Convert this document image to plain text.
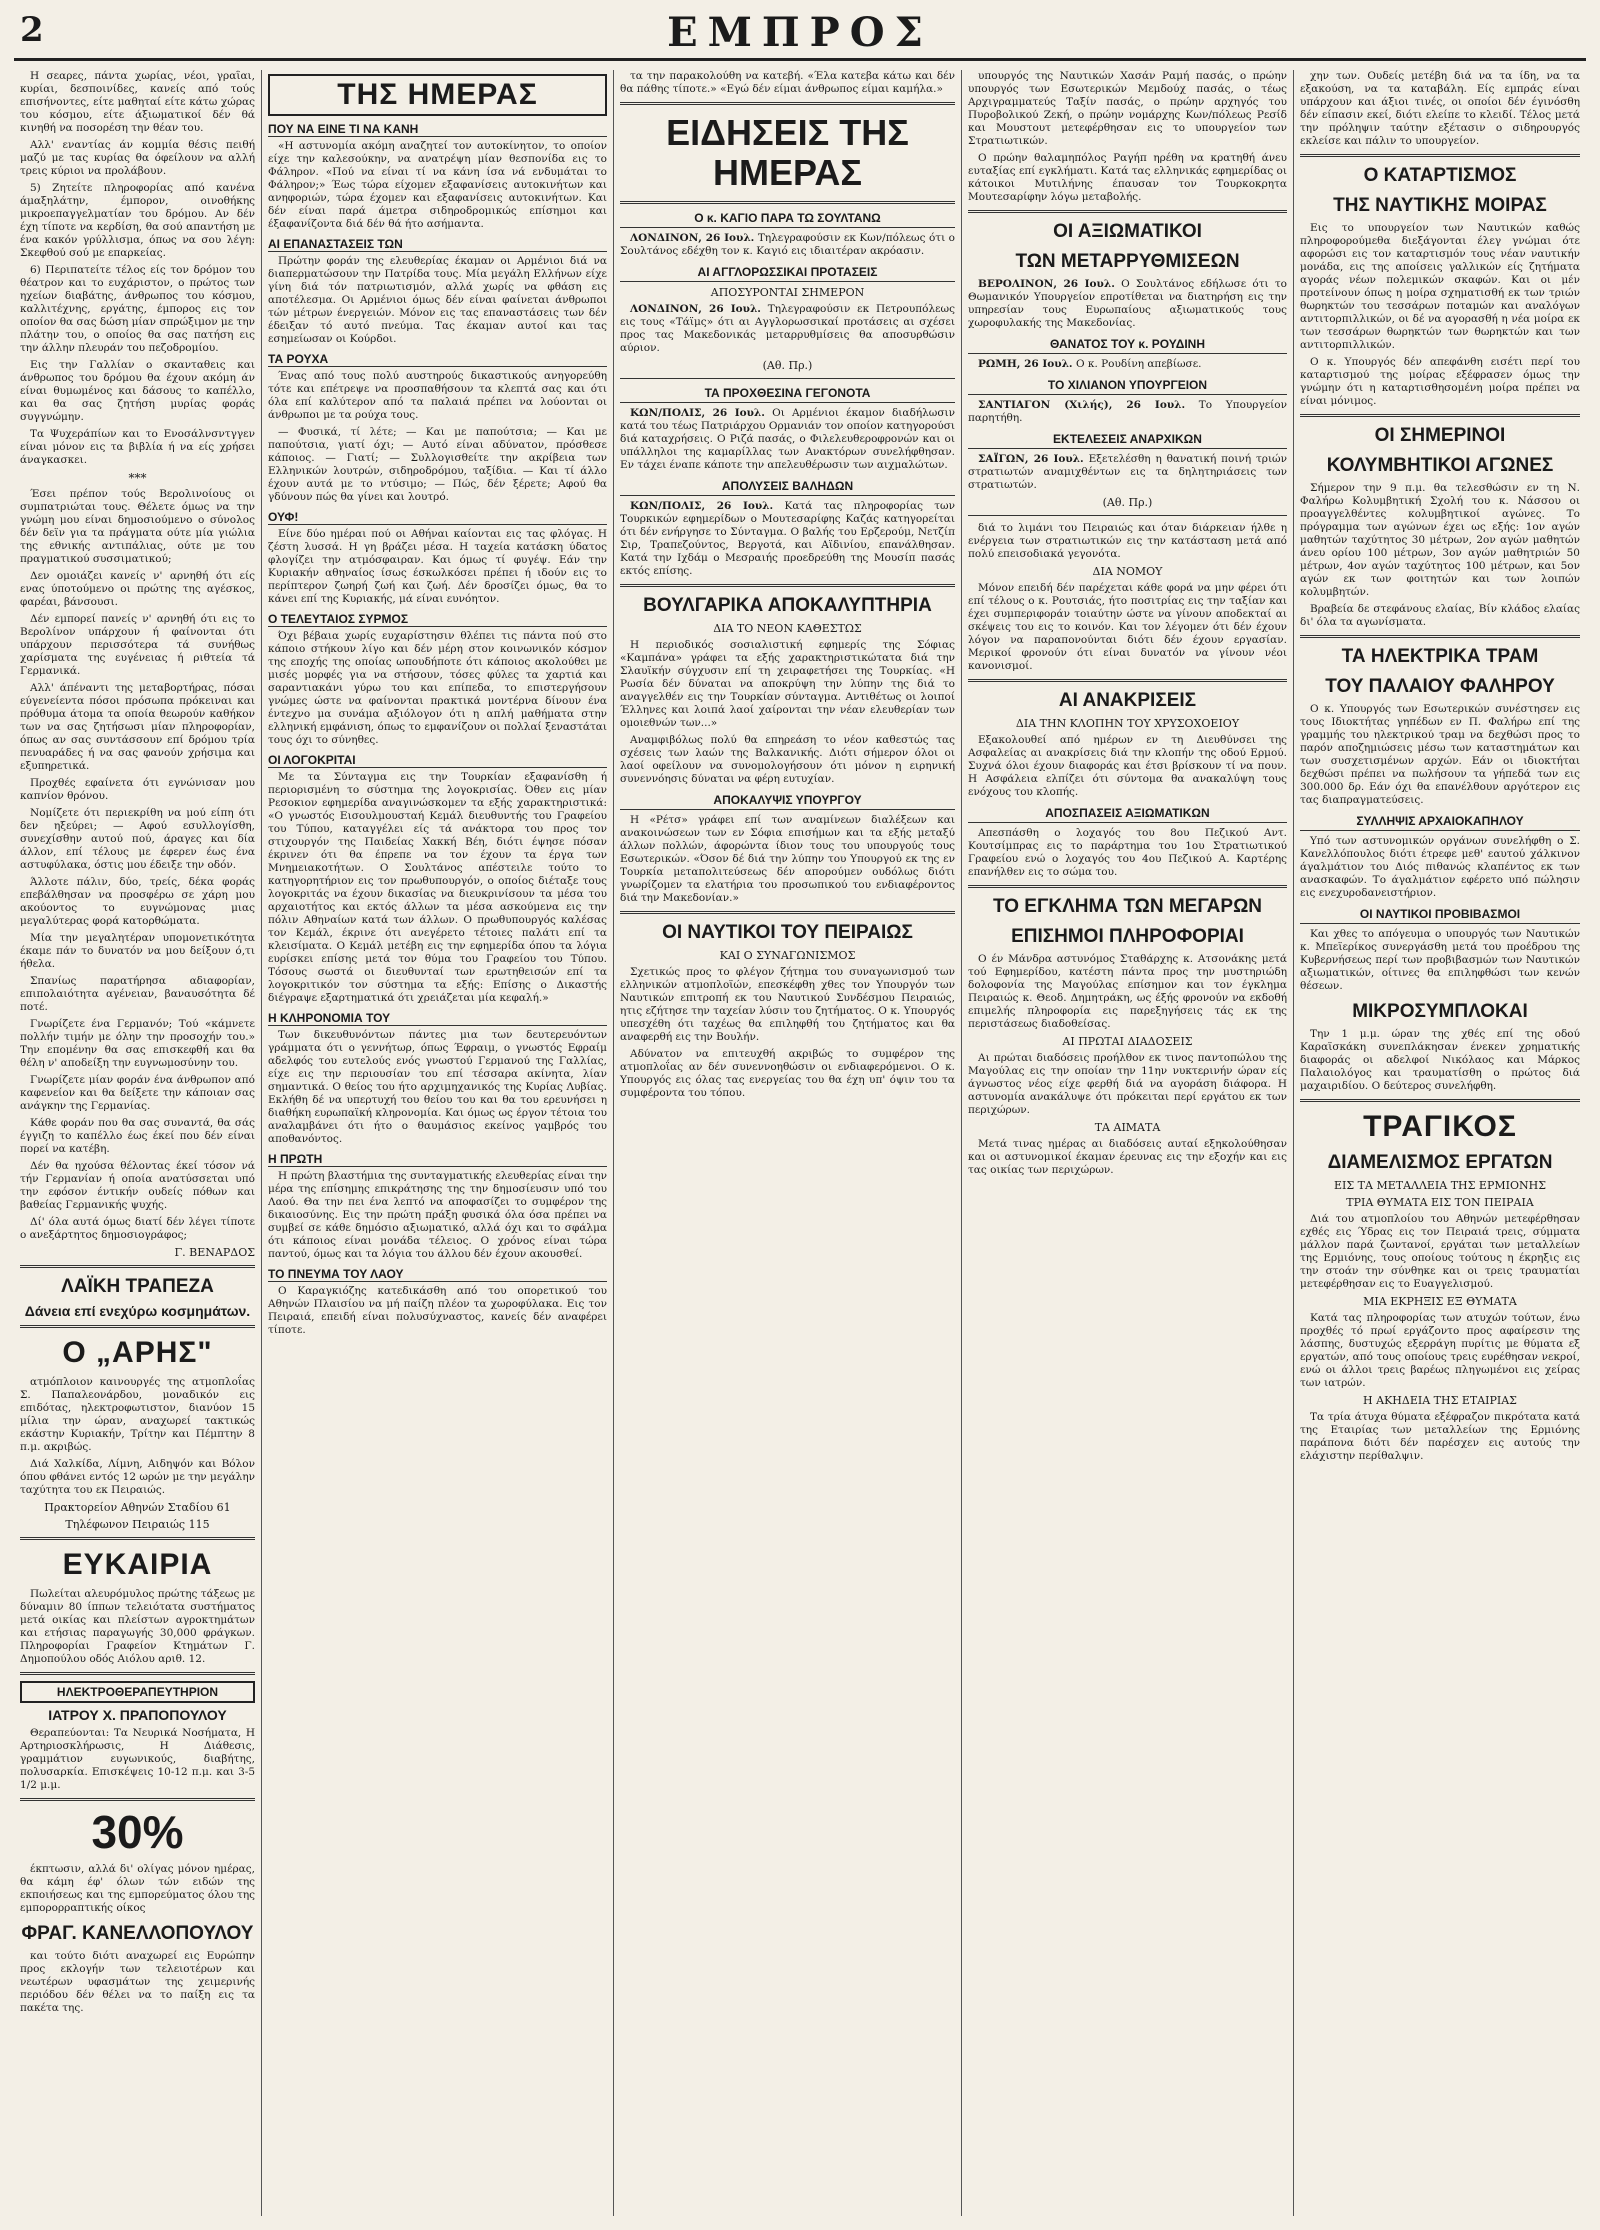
2	ΕΜΠΡΟΣ

Η σεαρες, πάντα χωρίας, νέοι, γραΐαι, κυρίαι, δεσποινίδες, κανείς από τούς επισήνοντες, είτε μαθηταί είτε κάτω χώρας του κόσμου, είτε άξιωματικοί δέν θά κινηθή να ποσορέση την θέαν του.

Αλλ' εναντίας άν κομμία θέσις πειθή μαζύ με τας κυρίας θα όφείλουν να αλλή τρεις κύριοι να προλάβουν.

5) Ζητείτε πληροφορίας από κανένα άμαξηλάτην, έμπορον, οινοθήκης μικροεπαγγελματίαν του δρόμου. Αν δέν έχη τίποτε να κερδίση, θα σού απαντήση με ένα κακόν γρύλλισμα, όπως να σου λέγη: Σκεφθού σού με επαρκείας.

6) Περιπατείτε τέλος είς τον δρόμον του θέατρον και το ευχάριστον, ο πρώτος των ηχείων διαβάτης, άνθρωπος του κόσμου, καλλιτέχνης, εργάτης, έμπορος εις τον οποίον θα σας δώση μίαν σπρώξιμον με την πλάτην του, ο οποίος θα σας πατήση εις την άλλην πλευράν του πεζοδρομίου.

Εις την Γαλλίαν ο σκανταθεις και άνθρωπος του δρόμου θα έχουν ακόμη άν είναι θυμωμένος και δάσους το καπέλλο, και θα σας ζητήση μυρίας φοράς συγγνώμην.

Τα Ψυχεράπίων και το Ενοσάλνσντγγεν είναι μόνον εις τα βιβλία ή να είς χρήσει άναγκασκει.

***

Έσει πρέπον τούς Βερολινοίους οι συμπατριώται τους. Θέλετε όμως να την γνώμη μου είναι δημοσιούμενο ο σύνολος δέν δεϊν για τα πράγματα ούτε μία γιώλια της εθνικής αντιπάλιας, ούτε με του πραγματικού συσσιματικού;

Δεν ομοιάζει κανείς ν' αρνηθή ότι είς ενας ύποτούμενο οι πρώτης της αγέσκος, φαρέαι, βάνσουσι.

Δέν εμπορεί πανείς ν' αρνηθή ότι εις το Βερολίνον υπάρχουν ή φαίνονται ότι υπάρχουν περισσότερα τά συνήθως χαρίσματα της ευγένειας ή ριθτεία τά Γερμανικά.

Αλλ' άπέναντι της μεταβορτήρας, πόσαι εύγενείεντα πόσοι πρόσωπα πρόκειναι και πρόθυμα άτομα τα οποία θεωρούν καθήκον των να σας ζητήσωσι μίαν πληροφορίαν, όπως αν σας συντάσσουν επί δρόμου τρία πενυαράδες ή να σας φανούν χρήσιμα και εξυπηρετικά.

Προχθές εφαίνετα ότι εγνώνισαν μου καπνίον θρόνου.

Νομίζετε ότι περιεκρίθη να μού είπη ότι δεν ηξεύρει; — Αφού εσυλλογίσθη, συνεχίσθην αυτού πού, άραγες και δία άλλον, επί τέλους με έφερεν έως ένα αστυφύλακα, όστις μου έδειξε την οδόν.

Άλλοτε πάλιν, δύο, τρείς, δέκα φοράς επεβάλθησαν να προσφέρω σε χάρη μου ακούοντος το ευγνώμονας μιας μεγαλύτερας φορά κατορθώματα.

Μία την μεγαλητέραν υπομονετικότητα έκαμε πάν το δυνατόν να μου δείξουν ό,τι ήθελα.

Σπανίως παρατήρησα αδιαφορίαν, επιπολαιότητα αγένειαν, βαναυσότητα δέ ποτέ.

Γνωρίζετε ένα Γερμανόν; Τού «κάμνετε πολλήν τιμήν με όλην την προσοχήν του.» Την επομένην θα σας επισκεφθή και θα θέλη ν' αποδείξη την ευγνωμοσύνην του.

Γνωρίζετε μίαν φοράν ένα άνθρωπον από καφενείον και θα δείξετε την κάποιαν σας ανάγκην της Γερμανίας.

Κάθε φοράν που θα σας συναντά, θα σάς έγγιζη το καπέλλο έως έκεί που δέν είναι πορεί να κατέβη.

Δέν θα ηχούσα θέλοντας έκεί τόσον νά τήν Γερμανίαν ή οποία ανατύσσεται υπό την εφόσον έντικήν ουδείς πόθων και βαθείας Γερμανικής ψυχής.

Δί' όλα αυτά όμως διατί δέν λέγει τίποτε ο ανεξάρτητος δημοσιογράφος;

Γ. ΒΕΝΑΡΔΟΣ
ΛΑΪΚΗ ΤΡΑΠΕΖΑ
Δάνεια επί ενεχύρω κοσμημάτων.
Ο „ΑΡΗΣ"

ατμόπλοιον καινουργές της ατμοπλοΐας Σ. Παπαλεονάρδου, μοναδικόν εις επιδότας, ηλεκτροφωτιστον, διανύον 15 μίλια την ώραν, αναχωρεί τακτικώς εκάστην Κυριακήν, Τρίτην και Πέμπτην 8 π.μ. ακριβώς.

Διά Χαλκίδα, Λίμνη, Αιδηψόν και Βόλον όπου φθάνει εντός 12 ωρών με την μεγάλην ταχύτητα του εκ Πειραιώς.

Πρακτορείον Αθηνών Σταδίου 61
Τηλέφωνον Πειραιώς 115
ΕΥΚΑΙΡΙΑ

Πωλείται αλευρόμυλος πρώτης τάξεως με δύναμιν 80 ίππων τελειότατα συστήματος μετά οικίας και πλείστων αγροκτημάτων και ετήσιας παραγωγής 30,000 φράγκων. Πληροφορίαι Γραφείον Κτημάτων Γ. Δημοπούλου οδός Αιόλου αριθ. 12.

ΗΛΕΚΤΡΟΘΕΡΑΠΕΥΤΗΡΙΟΝ
ΙΑΤΡΟΥ Χ. ΠΡΑΠΟΠΟΥΛΟΥ

Θεραπεύονται: Τα Νευρικά Νοσήματα, Η Αρτηριοσκλήρωσις, Η Διάθεσις, γραμμάτιον ευγωνικούς, διαβήτης, πολυσαρκία. Επισκέψεις 10-12 π.μ. και 3-5 1/2 μ.μ.

30%

έκπτωσιν, αλλά δι' ολίγας μόνον ημέρας, θα κάμη έφ' όλων τών ειδών της εκποιήσεως και της εμπορεύματος όλου της εμπορορραπτικής οίκος

ΦΡΑΓ. ΚΑΝΕΛΛΟΠΟΥΛΟΥ

και τούτο διότι αναχωρεί εις Ευρώπην προς εκλογήν των τελειοτέρων και νεωτέρων υφασμάτων της χειμερινής περιόδου δέν θέλει να το παίξη εις τα πακέτα της.

ΤΗΣ ΗΜΕΡΑΣ
ΠΟΥ ΝΑ ΕΙΝΕ ΤΙ ΝΑ ΚΑΝΗ

«Η αστυνομία ακόμη αναζητεί τον αυτοκίνητον, το οποίον είχε την καλεσούκην, να ανατρέψη μίαν θεσπονίδα εις το Φάληρον. «Πού να είναι τί να κάνη ίσα νά ενδυμάται το Φάληρον;» Έως τώρα είχομεν εξαφανίσεις αυτοκινήτων και ανηφοριών, τώρα έχομεν και εξαφανίσεις αυτοκινήτων. Και δέν είναι παρά άμετρα σιδηροδρομικώς επίσημοι και έξαφανίζοντα διά δέν θά ήτο ασήμαντα.

ΑΙ ΕΠΑΝΑΣΤΑΣΕΙΣ ΤΩΝ

Πρώτην φοράν της ελευθερίας έκαμαν οι Αρμένιοι διά να διαπερματώσουν την Πατρίδα τους. Μία μεγάλη Ελλήνων είχε γίνη διά τόν πατριωτισμόν, αλλά χωρίς να φθάση εις αποτέλεσμα. Οι Αρμένιοι όμως δέν είναι φαίνεται άνθρωποι τών μέτρων ένεργειών. Μόνον εις τας επαναστάσεις των δέν έδειξαν τό αυτό πνεύμα. Τας έκαμαν αυτοί και τας εσημείωσαν οι Κούρδοι.

ΤΑ ΡΟΥΧΑ

Ένας από τους πολύ αυστηρούς δικαστικούς ανηγορεύθη τότε και επέτρεψε να προσπαθήσουν τα κλεπτά σας και ότι όλα επί καλύτερον από τα παλαιά πρέπει να λούονται οι άνθρωποι με τα ρούχα τους.

— Φυσικά, τί λέτε; — Και με παπούτσια; — Και με παπούτσια, γιατί όχι; — Αυτό είναι αδύνατον, πρόσθεσε κάποιος. — Γιατί; — Συλλογισθείτε την ακρίβεια των Ελληνικών λουτρών, σιδηροδρόμου, ταξίδια. — Και τί άλλο έχουν αυτά με το ντύσιμο; — Πώς, δέν ξέρετε; Αφού θα γδύνουν πώς θα γίνει και λουτρό.

ΟΥΦ!

Είνε δύο ημέραι πού οι Αθήναι καίονται εις τας φλόγας. Η ζέστη λυσσά. Η γη βράζει μέσα. Η ταχεία κατάσκη ύδατος φλογίζει την ατμόσφαιραν. Και όμως τί φυγέψ. Εάν την Κυριακήν αθηναίος ίσως έσκωλκόσει πρέπει ή ιδούν εις το περίπτερον ζωηρή ζωή και ζωή. Δέν δροσίζει όμως, θα το κάνει επί της Κυριακής, μά είναι ευνόητον.

Ο ΤΕΛΕΥΤΑΙΟΣ ΣΥΡΜΟΣ

Όχι βέβαια χωρίς ευχαρίστησιν θλέπει τις πάντα πού στο κάποιο στήκουν λίγο και δέν μέρη στον κοινωνικόν κόσμον της εποχής της οποίας ωπουδήποτε ότι κάποιος ακολούθει με μισές μορφές για να στήσουν, τόσες φύλες τα χαρτιά και σαραντιακάνι γύρω του και επίπεδα, το επιστεργήσουν γνώμες ώστε να φαίνονται πρακτικά μοντέρνα δίνουν ένα έντεχνο μα συνάμα αξιόλογον ότι η απλή μαθήματα στην ελληνική εμφάνιση, όπως το εμφανίζουν οι πολλαί ξεναστάται τους όχι το σύνηθες.

ΟΙ ΛΟΓΟΚΡΙΤΑΙ

Με τα Σύνταγμα εις την Τουρκίαν εξαφανίσθη ή περιορισμένη το σύστημα της λογοκρισίας. Όθεν εις μίαν Ρεσοκιον εφημερίδα αναγινώσκομεν τα εξής χαρακτηριστικά: «Ο γνωστός Εισουλμουσταή Κεμάλ διευθυντής του Γραφείου του Τύπου, καταγγέλει είς τά ανάκτορα του προς τον στιχουργόν της Παιδείας Χακκή Βέη, διότι έψησε πόσαν έκρινεν ότι θα έπρεπε να τον έχουν τα έργα των Μνημειακοτήτων. Ο Σουλτάνος απέστειλε τούτο το κατηγορητήριον εις τον πρωθυπουργόν, ο οποίος διέταξε τους λογοκριτάς να έχουν δικασίας να διευκρινίσουν τα μέσα του αρχαιοτήτος και εκτός άλλων τα μέσα ασκούμενα εις την πόλιν Αθηναίων κατά των άλλων. Ο πρωθυπουργός καλέσας τον Κεμάλ, έκρινε ότι ανεγέρετο τέτοιες παλάτι επί τα κλεισίματα. Ο Κεμάλ μετέβη εις την εφημερίδα όπου τα λόγια ευρίσκει επίσης μετά τον θύμα του Γραφείου του Τύπου. Τόσους σωστά οι διευθυνταί των ερωτηθεισών επί τα λογοκριτικόν τον σύστημα τα εξής: Επίσης ο Δικαστής διέγραψε εξαρτηματικά ότι χρειάζεται μία κεφαλή.»

Η ΚΛΗΡΟΝΟΜΙΑ ΤΟΥ

Των δικευθυνόντων πάντες μια των δευτερευόντων γράμματα ότι ο γεννήτωρ, όπως Έφραιμ, ο γνωστός Εφραίμ αδελφός του ευτελούς ενός γνωστού Γερμανού της Γαλλίας, είχε εις την περιουσίαν του επί τέσσαρα ακίνητα, λίαν σημαντικά. Ο θείος του ήτο αρχιμηχανικός της Κυρίας Λυβίας. Εκλήθη δέ να υπερτυχή του θείου του και θα του ερευνήσει η διαθήκη ευρωπαϊκή κληρονομία. Και όμως ως έργον τέτοια του αναλαμβάνει ότι ήτο ο θαυμάσιος εκείνος γαμβρός του αποθανόντος.

Η ΠΡΩΤΗ

Η πρώτη βλαστήμια της συνταγματικής ελευθερίας είναι την μέρα της επίσημης επικράτησης της την δημοσίευσιν υπό του Λαού. Θα την πει ένα λεπτό να αποφασίζει το συμφέρον της δικαιοσύνης. Εις την πρώτη πράξη φυσικά όλα όσα πρέπει να συμβεί σε κάθε δημόσιο αξιωματικό, αλλά όχι και το σφάλμα ότι κάποιος είναι μονάδα τέλειος. Ο χρόνος είναι τώρα παντού, όμως και τα λόγια του άλλου δέν έχουν ακουσθεί.

ΤΟ ΠΝΕΥΜΑ ΤΟΥ ΛΑΟΥ

Ο Καραγκιόζης κατεδικάσθη από του οπορετικού του Αθηνών Πλαισίου να μή παίζη πλέον τα χωροφύλακα. Εις τον Πειραιά, επειδή είναι πολυσύχναστος, κανείς δέν αναφέρει τίποτε.

τα την παρακολούθη να κατεβή. «Έλα κατεβα κάτω και δέν θα πάθης τίποτε.» «Εγώ δέν είμαι άνθρωπος είμαι καμήλα.»

ΕΙΔΗΣΕΙΣ ΤΗΣ ΗΜΕΡΑΣ
Ο κ. ΚΑΓΙΟ ΠΑΡΑ ΤΩ ΣΟΥΛΤΑΝΩ

ΛΟΝΔΙΝΟΝ, 26 Ιουλ. Τηλεγραφούσιν εκ Κων/πόλεως ότι ο Σουλτάνος εδέχθη τον κ. Καγιό εις ιδιαιτέραν ακρόασιν.

ΑΙ ΑΓΓΛΟΡΩΣΣΙΚΑΙ ΠΡΟΤΑΣΕΙΣ
ΑΠΟΣΥΡΟΝΤΑΙ ΣΗΜΕΡΟΝ

ΛΟΝΔΙΝΟΝ, 26 Ιουλ. Τηλεγραφούσιν εκ Πετρουπόλεως εις τους «Τάϊμς» ότι αι Αγγλορωσσικαί προτάσεις αι σχέσει προς τας Μακεδονικάς μεταρρυθμίσεις θα αποσυρθώσιν αύριον.

(Αθ. Πρ.)
ΤΑ ΠΡΟΧΘΕΣΙΝΑ ΓΕΓΟΝΟΤΑ

ΚΩΝ/ΠΟΛΙΣ, 26 Ιουλ. Οι Αρμένιοι έκαμον διαδήλωσιν κατά του τέως Πατριάρχου Ορμανιάν τον οποίον κατηγορούσι διά καταχρήσεις. Ο Ριζά πασάς, ο Φιλελευθεροφρονών και οι υπάλληλοι της καμαρίλλας των Ανακτόρων συνελήφθησαν. Εν τάχει έναπε κάποτε την απελευθέρωσιν των αιχμαλώτων.

ΑΠΟΛΥΣΕΙΣ ΒΑΛΗΔΩΝ

ΚΩΝ/ΠΟΛΙΣ, 26 Ιουλ. Κατά τας πληροφορίας των Τουρκικών εφημερίδων ο Μουτεσαρίφης Καζάς κατηγορείται ότι δέν ενήργησε το Σύνταγμα. Ο βαλής του Ερζερούμ, Νετζίπ Σιρ, Τραπεζούντος, Βεργοτά, και Αϊδινίου, επανάλθησαν. Κατά την Ιχδάμ ο Μεσραιής προεδρεύθη της Μουσίπ πασάς εκτός επίσης.

ΒΟΥΛΓΑΡΙΚΑ ΑΠΟΚΑΛΥΠΤΗΡΙΑ
ΔΙΑ ΤΟ ΝΕΟΝ ΚΑΘΕΣΤΩΣ

Η περιοδικός σοσιαλιστική εφημερίς της Σόφιας «Καμπάνα» γράφει τα εξής χαρακτηριστικώτατα διά την Σλαυϊκήν σύγχυσιν επί τη χειραφετήσει της Τουρκίας. «Η Ρωσία δέν δύναται να αποκρύψη την λύπην της διά το αναγγελθέν εις την Τουρκίαν σύνταγμα. Αντιθέτως οι λοιποί Έλληνες και λοιπά λαοί χαίρονται την νέαν ελευθερίαν των ομοιεθνών των...»

Αναμφιβόλως πολύ θα επηρεάση το νέον καθεστώς τας σχέσεις των λαών της Βαλκανικής. Διότι σήμερον όλοι οι λαοί οφείλουν να συνομολογήσουν ότι μόνον η ειρηνική συνεννόησις δύναται να φέρη ευτυχίαν.

ΑΠΟΚΑΛΥΨΙΣ ΥΠΟΥΡΓΟΥ

Η «Ρέτσ» γράφει επί των αναμίνεων διαλέξεων και ανακοινώσεων των εν Σόφια επισήμων και τα εξής μεταξύ άλλων πολλών, άφορώντα ίδιον τους του υπουργούς τους Εσωτερικών. «Όσον δέ διά την λύπην του Υπουργού εκ της εν Τουρκία μεταπολιτεύσεως δέν απορούμεν ουδόλως διότι γνωρίζομεν τα ελατήρια του προσωπικού του ενδιαφέροντος διά την Μακεδονίαν.»

ΟΙ ΝΑΥΤΙΚΟΙ ΤΟΥ ΠΕΙΡΑΙΩΣ
ΚΑΙ Ο ΣΥΝΑΓΩΝΙΣΜΟΣ

Σχετικώς προς το φλέγον ζήτημα του συναγωνισμού των ελληνικών ατμοπλοϊών, επεσκέφθη χθες τον Υπουργόν των Ναυτικών επιτροπή εκ του Ναυτικού Συνδέσμου Πειραιώς, ητις εζήτησε την ταχείαν λύσιν του ζητήματος. Ο κ. Υπουργός υπεσχέθη ότι ταχέως θα επιληφθή του ζητήματος και θα αναφερθή εις την Βουλήν.

Αδύνατον να επιτευχθή ακριβώς το συμφέρον της ατμοπλοΐας αν δέν συνεννοηθώσιν οι ενδιαφερόμενοι. Ο κ. Υπουργός εις όλας τας ενεργείας του θα έχη υπ' όψιν του τα συμφέροντα του τόπου.

υπουργός της Ναυτικών Χασάν Ραμή πασάς, ο πρώην υπουργός των Εσωτερικών Μεμδούχ πασάς, ο τέως Αρχιγραμματεύς Ταξίν πασάς, ο πρώην αρχηγός του Πυροβολικού Ζεκή, ο πρώην νομάρχης Κων/πόλεως Ρεσίδ και Μουστουτ μετεφέρθησαν εις το υπουργείον των Στρατιωτικών.

Ο πρώην θαλαμηπόλος Ραγήπ ηρέθη να κρατηθή άνευ ευταξίας επί εγκλήματι. Κατά τας ελληνικάς εφημερίδας οι κάτοικοι Μυτιλήνης έπαυσαν τον Τουρκοκρητα Μουτεσαρίφην λόγω μεταβολής.

ΟΙ ΑΞΙΩΜΑΤΙΚΟΙ
ΤΩΝ ΜΕΤΑΡΡΥΘΜΙΣΕΩΝ

ΒΕΡΟΛΙΝΟΝ, 26 Ιουλ. Ο Σουλτάνος εδήλωσε ότι το Θωμανικόν Υπουργείον επροτίθεται να διατηρήση εις την υπηρεσίαν τους Ευρωπαίους αξιωματικούς τους χωροφυλακής της Μακεδονίας.

ΘΑΝΑΤΟΣ ΤΟΥ κ. ΡΟΥΔΙΝΗ

ΡΩΜΗ, 26 Ιουλ. Ο κ. Ρουδίνη απεβίωσε.

ΤΟ ΧΙΛΙΑΝΟΝ ΥΠΟΥΡΓΕΙΟΝ

ΣΑΝΤΙΑΓΟΝ (Χιλής), 26 Ιουλ. Το Υπουργείον παρητήθη.

ΕΚΤΕΛΕΣΕΙΣ ΑΝΑΡΧΙΚΩΝ

ΣΑΪΓΩΝ, 26 Ιουλ. Εξετελέσθη η θανατική ποινή τριών στρατιωτών αναμιχθέντων εις τα δηλητηριάσεις των στρατιωτών.

(Αθ. Πρ.)

διά το λιμάνι του Πειραιώς και όταν διάρκειαν ήλθε η ενέργεια των στρατιωτικών εις την κατάσταση μετά από πολύ επεισοδιακά γεγονότα.

ΔΙΑ ΝΟΜΟΥ

Μόνον επειδή δέν παρέχεται κάθε φορά να μην φέρει ότι επί τέλους ο κ. Ρουτσιάς, ήτο ποσιτρίας εις την ταξίαν και έχει συμπεριφοράν τοιαύτην ώστε να γίνουν αποδεκταί αι σκέψεις του εις το κοινόν. Και τον λέγομεν ότι δέν έχουν λόγον να παραπονούνται διότι δέν έχουν εργασίαν. Μερικοί φρονούν ότι είναι δυνατόν να γίνουν νέοι κανονισμοί.

ΑΙ ΑΝΑΚΡΙΣΕΙΣ
ΔΙΑ ΤΗΝ ΚΛΟΠΗΝ ΤΟΥ ΧΡΥΣΟΧΟΕΙΟΥ

Εξακολουθεί από ημέρων εν τη Διευθύνσει της Ασφαλείας αι ανακρίσεις διά την κλοπήν της οδού Ερμού. Συχνά όλοι έχουν διαφοράς και έτσι βρίσκουν τί να πουν. Η Ασφάλεια ελπίζει ότι σύντομα θα ανακαλύψη τους ενόχους του κλοπής.

ΑΠΟΣΠΑΣΕΙΣ ΑΞΙΩΜΑΤΙΚΩΝ

Απεσπάσθη ο λοχαγός του 8ου Πεζικού Αντ. Κουτσίμπρας εις το παράρτημα του 1ου Στρατιωτικού Γραφείου ενώ ο λοχαγός του 4ου Πεζικού Α. Καρτέρης επανήλθεν εις το σώμα του.

ΤΟ ΕΓΚΛΗΜΑ ΤΩΝ ΜΕΓΑΡΩΝ
ΕΠΙΣΗΜΟΙ ΠΛΗΡΟΦΟΡΙΑΙ

Ο έν Μάνδρα αστυνόμος Σταθάρχης κ. Ατσονάκης μετά τού Εφημερίδου, κατέστη πάντα προς την μυστηριώδη δολοφονία της Μαγούλας επίσημον και τον έγκλημα Πειραιώς κ. Θεοδ. Δημητράκη, ως έξής φρονούν να εκδοθή επιμελής πληροφορία εις παρεξηγήσεις τάς εκ της περιστάσεως διαδοθείσας.

ΑΙ ΠΡΩΤΑΙ ΔΙΑΔΟΣΕΙΣ

Αι πρώται διαδόσεις προήλθον εκ τινος παντοπώλου της Μαγούλας εις την οποίαν την 11ην νυκτερινήν ώραν είς άγνωστος νέος είχε φερθή διά να αγοράση διάφορα. Η αστυνομία ανακάλυψε ότι πρόκειται περί εργάτου εκ των περιχώρων.

ΤΑ ΑΙΜΑΤΑ

Μετά τινας ημέρας αι διαδόσεις αυταί εξηκολούθησαν και οι αστυνομικοί έκαμαν έρευνας εις την εξοχήν και εις τας οικίας των περιχώρων.

χην των. Ουδείς μετέβη διά να τα ίδη, να τα εξακούση, να τα καταβάλη. Είς εμπράς είναι υπάρχουν και άξιοι τινές, οι οποίοι δέν έγινόσθη δέν είπασιν εκεί, διότι ελείπε το κλειδί. Τέλος μετά την πρόληψιν ταύτην εξέτασιν ο σιδηρουργός εκλείσε και πάλιν το υπουργείον.

Ο ΚΑΤΑΡΤΙΣΜΟΣ
ΤΗΣ ΝΑΥΤΙΚΗΣ ΜΟΙΡΑΣ

Εις το υπουργείον των Ναυτικών καθώς πληροφορούμεθα διεξάγονται έλεγ γνώμαι ότε αφορώσι εις τον καταρτισμόν τους νέαν ναυτικήν μονάδα, εις της αποίσεις γαλλικών είς ζητήματα αγοράς νέων πολεμικών σκαφών. Και οι μέν προτείνουν όπως η μοίρα σχηματισθή εκ των τριών θωρηκτών του τεσσάρων ποταμών και αναλόγων αντιτορπιλλικών, οι δέ να αγορασθή η νέα μοίρα εκ των τεσσάρων θωρηκτών των θωρηκτών και των αντιτορπιλλικών.

Ο κ. Υπουργός δέν απεφάνθη εισέτι περί του καταρτισμού της μοίρας εξέφρασεν όμως την γνώμην ότι η καταρτισθησομένη μοίρα πρέπει να είναι μόνιμος.

ΟΙ ΣΗΜΕΡΙΝΟΙ
ΚΟΛΥΜΒΗΤΙΚΟΙ ΑΓΩΝΕΣ

Σήμερον την 9 π.μ. θα τελεσθώσιν εν τη Ν. Φαλήρω Κολυμβητική Σχολή του κ. Νάσσου οι προαγγελθέντες κολυμβητικοί αγώνες. Το πρόγραμμα των αγώνων έχει ως εξής: 1ον αγών μαθητών ταχύτητος 30 μέτρων, 2ον αγών μαθητών άνευ ορίου 100 μέτρων, 3ον αγών μαθητριών 50 μέτρων, 4ον αγών ταχύτητος 100 μέτρων, και 5ον αγών εκ των φοιτητών και των λοιπών κολυμβητών.

Βραβεία δε στεφάνους ελαίας, Βίν κλάδος ελαίας δι' όλα τα αγωνίσματα.

ΤΑ ΗΛΕΚΤΡΙΚΑ ΤΡΑΜ
ΤΟΥ ΠΑΛΑΙΟΥ ΦΑΛΗΡΟΥ

Ο κ. Υπουργός των Εσωτερικών συνέστησεν εις τους Ιδιοκτήτας γηπέδων εν Π. Φαλήρω επί της γραμμής του ηλεκτρικού τραμ να δεχθώσι προς το παρόν αποζημιώσεις μέσω των καταστημάτων και των συσχετισμένων αρχών. Εάν οι ιδιοκτήται δεχθώσι πρέπει να πωλήσουν τα γήπεδά των εις 300.000 δρ. Εάν όχι θα επανέλθουν αργότερον εις τας διαπραγματεύσεις.

ΣΥΛΛΗΨΙΣ ΑΡΧΑΙΟΚΑΠΗΛΟΥ

Υπό των αστυνομικών οργάνων συνελήφθη ο Σ. Κανελλόπουλος διότι έτρεφε μεθ' εαυτού χάλκινον άγαλμάτιον του Διός πιθανώς κλαπέντος εκ των ανασκαφών. Το άγαλμάτιον εφέρετο υπό πώλησιν εις ενεχυροδανειστήριον.

ΟΙ ΝΑΥΤΙΚΟΙ ΠΡΟΒΙΒΑΣΜΟΙ

Και χθες το απόγευμα ο υπουργός των Ναυτικών κ. Μπεϊερίκος συνεργάσθη μετά του προέδρου της Κυβερνήσεως περί των προβιβασμών των Ναυτικών αξιωματικών, οίτινες θα επιληφθώσι των κενών θέσεων.

ΜΙΚΡΟΣΥΜΠΛΟΚΑΙ

Την 1 μ.μ. ώραν της χθές επί της οδού Καραϊσκάκη συνεπλάκησαν ένεκεν χρηματικής διαφοράς οι αδελφοί Νικόλαος και Μάρκος Παλαιολόγος και τραυματίσθη ο πρώτος διά μαχαιριδίου. Ο δεύτερος συνελήφθη.

ΤΡΑΓΙΚΟΣ
ΔΙΑΜΕΛΙΣΜΟΣ ΕΡΓΑΤΩΝ
ΕΙΣ ΤΑ ΜΕΤΑΛΛΕΙΑ ΤΗΣ ΕΡΜΙΟΝΗΣ
ΤΡΙΑ ΘΥΜΑΤΑ ΕΙΣ ΤΟΝ ΠΕΙΡΑΙΑ

Διά του ατμοπλοίου του Αθηνών μετεφέρθησαν εχθές εις Ύδρας εις τον Πειραιά τρεις, σύμματα μάλλον παρά ζωντανοί, εργάται των μεταλλείων της Ερμιόνης, τους οποίους τούτους η έκρηξις εις την στοάν την σύνθηκε και οι τρεις τραυματίαι μετεφέρθησαν εις το Ευαγγελισμού.

ΜΙΑ ΕΚΡΗΞΙΣ ΕΞ ΘΥΜΑΤΑ

Κατά τας πληροφορίας των ατυχών τούτων, ένω προχθές τό πρωί εργάζοντο προς αφαίρεσιν της λάσπης, δυστυχώς εξερράγη πυρίτις με θύματα εξ εργατών, από τους οποίους τρεις ευρέθησαν νεκροί, ενώ οι άλλοι τρεις βαρέως πληγωμένοι εις χείρας των ιατρών.

Η ΑΚΗΔΕΙΑ ΤΗΣ ΕΤΑΙΡΙΑΣ

Τα τρία άτυχα θύματα εξέφραζον πικρότατα κατά της Εταιρίας των μεταλλείων της Ερμιόνης παράπονα διότι δέν παρέσχεν εις αυτούς την ελάχιστην περίθαλψιν.
